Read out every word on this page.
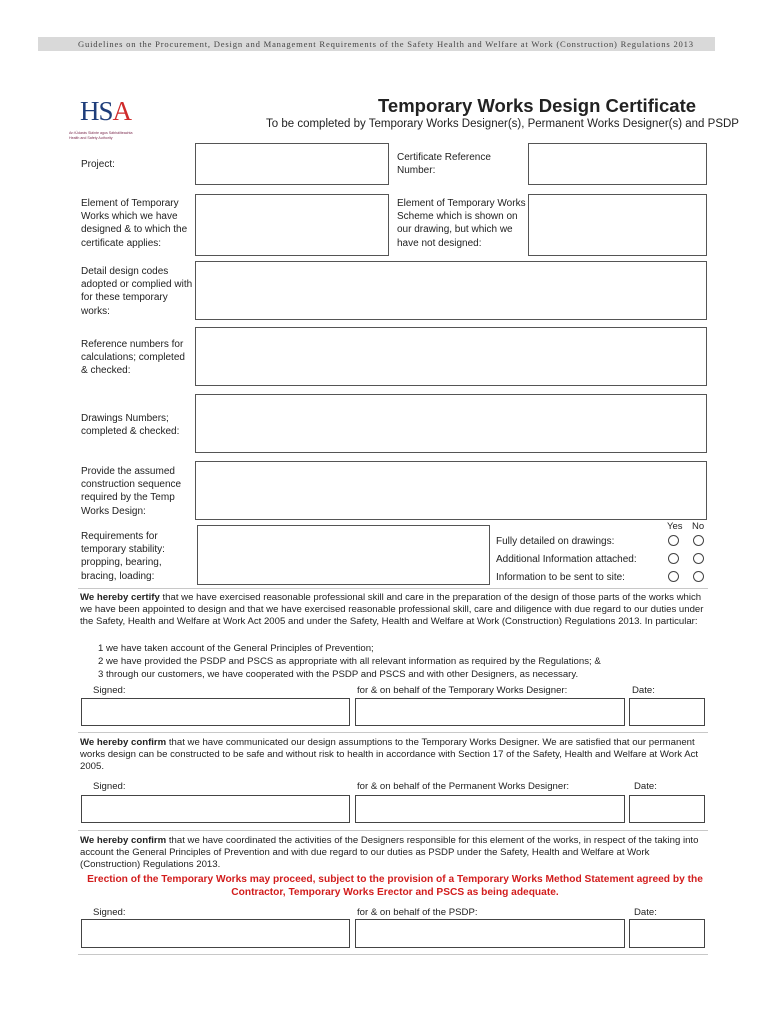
Guidelines on the Procurement, Design and Management Requirements of the Safety Health and Welfare at Work (Construction) Regulations 2013
HSA
An tÚdarás Sláinte agus Sábháilteachta Health and Safety Authority
Temporary Works Design Certificate
To be completed by Temporary Works Designer(s), Permanent Works Designer(s) and PSDP
Project:
Certificate Reference Number:
Element of Temporary Works which we have designed & to which the certificate applies:
Element of Temporary Works Scheme which is shown on our drawing, but which we have not designed:
Detail design codes adopted or complied with for these temporary works:
Reference numbers for calculations; completed & checked:
Drawings Numbers; completed & checked:
Provide the assumed construction sequence required by the Temp Works Design:
Requirements for temporary stability: propping, bearing, bracing, loading:
Yes No
Fully detailed on drawings:
Additional Information attached:
Information to be sent to site:
We hereby certify that we have exercised reasonable professional skill and care in the preparation of the design of those parts of the works which we have been appointed to design and that we have exercised reasonable professional skill, care and diligence with due regard to our duties under the Safety, Health and Welfare at Work Act 2005 and under the Safety, Health and Welfare at Work (Construction) Regulations 2013. In particular:
1 we have taken account of the General Principles of Prevention;
2 we have provided the PSDP and PSCS as appropriate with all relevant information as required by the Regulations; &
3 through our customers, we have cooperated with the PSDP and PSCS and with other Designers, as necessary.
Signed:	for & on behalf of the Temporary Works Designer:	Date:
We hereby confirm that we have communicated our design assumptions to the Temporary Works Designer. We are satisfied that our permanent works design can be constructed to be safe and without risk to health in accordance with Section 17 of the Safety, Health and Welfare at Work Act 2005.
Signed:	for & on behalf of the Permanent Works Designer:	Date:
We hereby confirm that we have coordinated the activities of the Designers responsible for this element of the works, in respect of the taking into account the General Principles of Prevention and with due regard to our duties as PSDP under the Safety, Health and Welfare at Work (Construction) Regulations 2013.
Erection of the Temporary Works may proceed, subject to the provision of a Temporary Works Method Statement agreed by the Contractor, Temporary Works Erector and PSCS as being adequate.
Signed:	for & on behalf of the PSDP:	Date:
